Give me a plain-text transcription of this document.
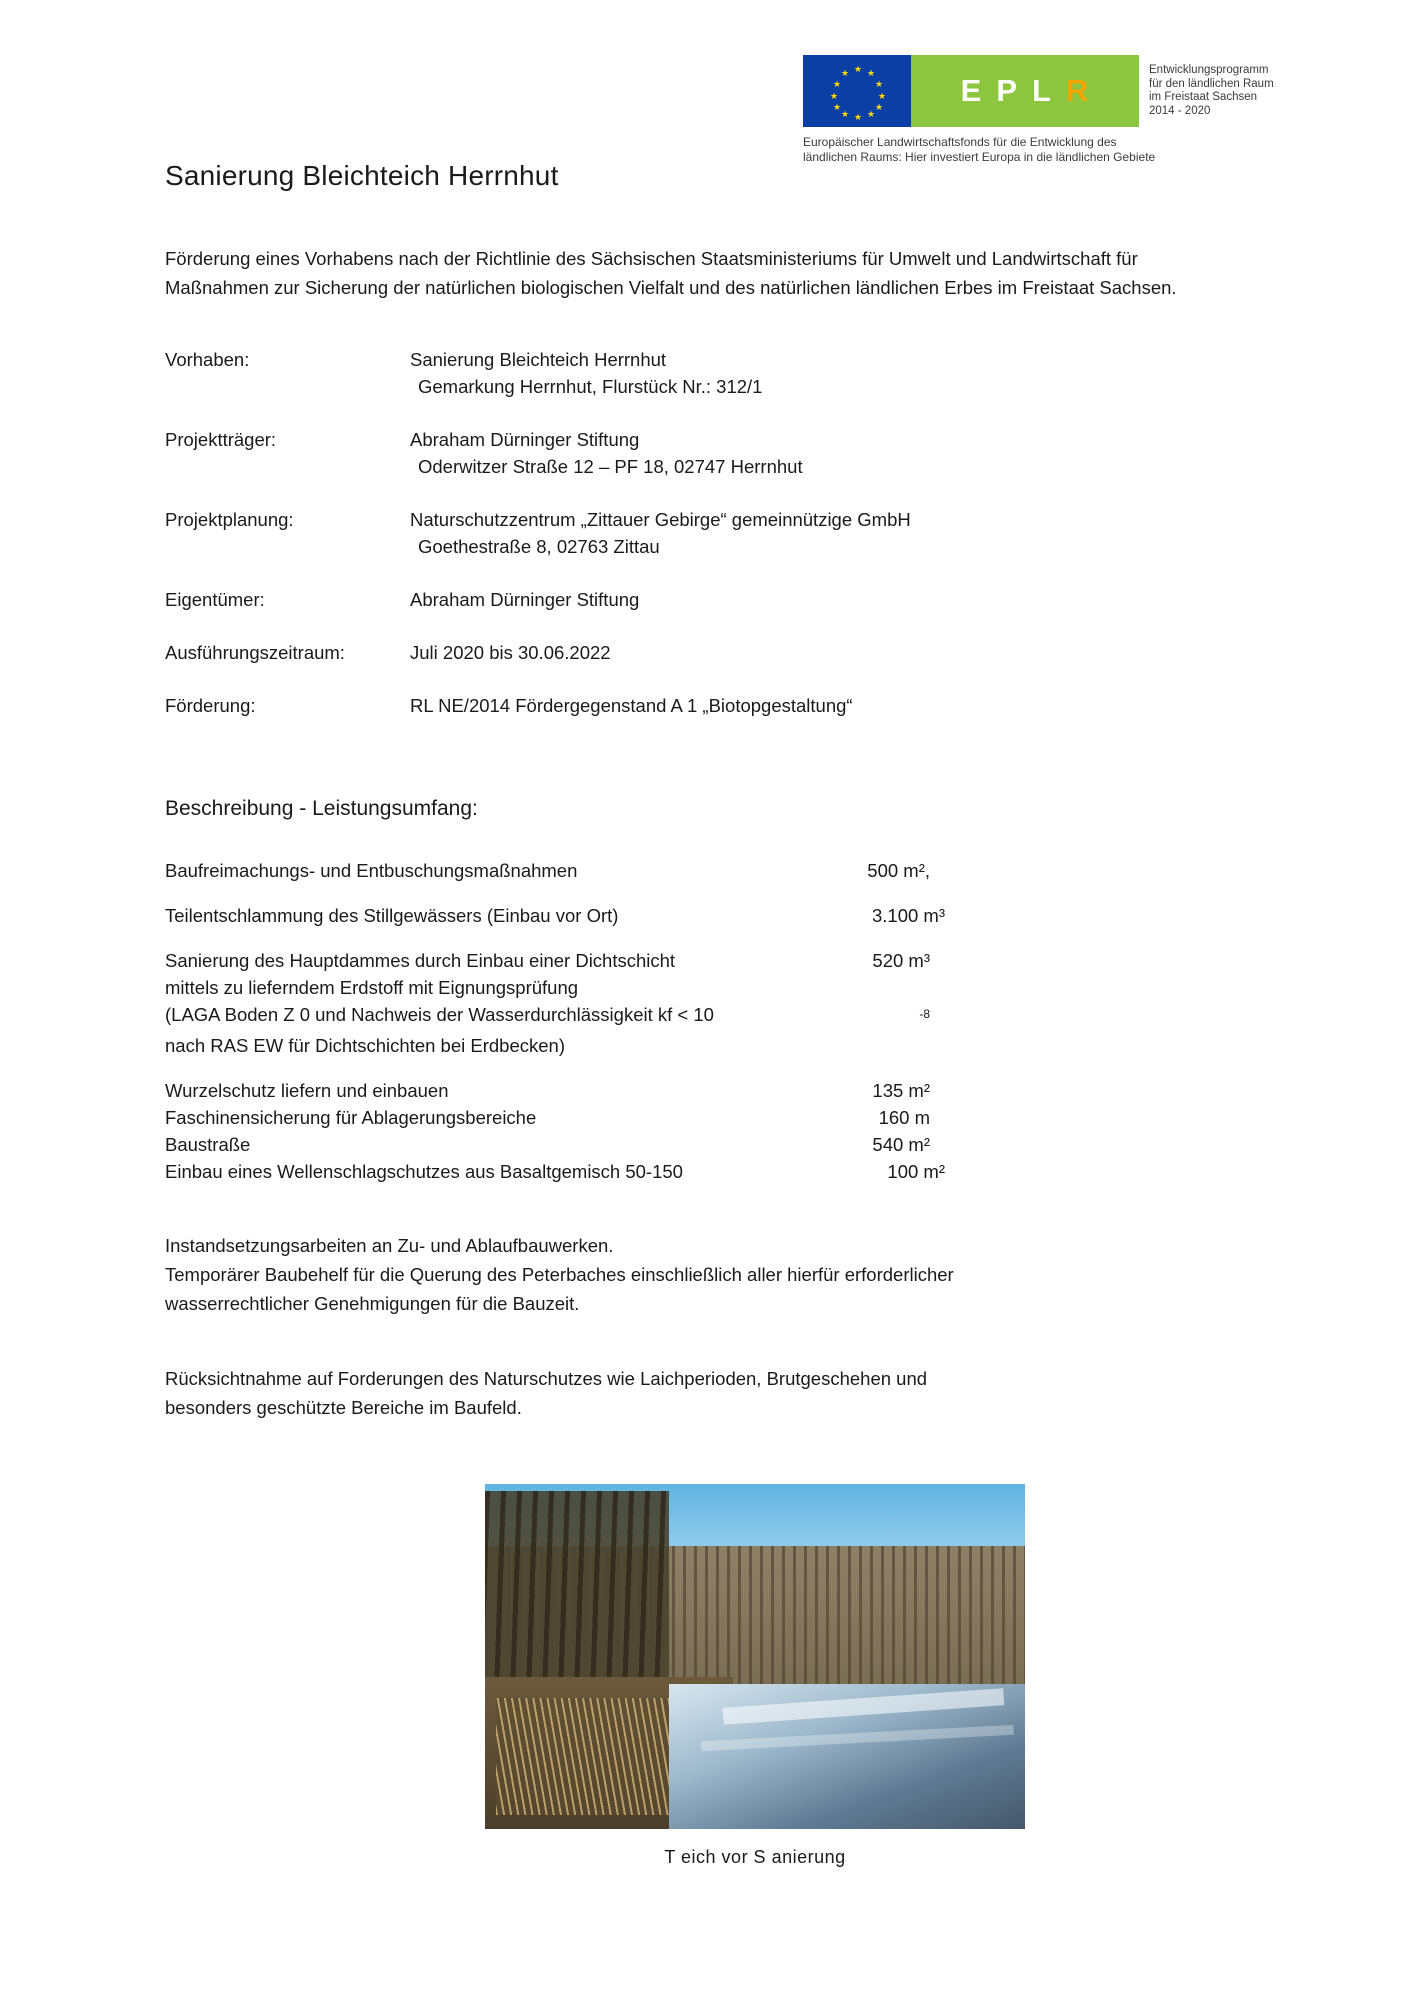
★ ★
★
★
★
★
★
★
★
★
★
★	E P L R
Entwicklungsprogramm
für den ländlichen Raum
im Freistaat Sachsen
2014 - 2020
Europäischer Landwirtschaftsfonds für die Entwicklung des
ländlichen Raums: Hier investiert Europa in die ländlichen Gebiete
Sanierung Bleichteich Herrnhut

Förderung eines Vorhabens nach der Richtlinie des Sächsischen Staatsministeriums für Umwelt und Landwirtschaft für Maßnahmen zur Sicherung der natürlichen biologischen Vielfalt und des natürlichen ländlichen Erbes im Freistaat Sachsen.

Vorhaben:	Sanierung Bleichteich Herrnhut
Gemarkung Herrnhut, Flurstück Nr.: 312/1

Projektträger:	Abraham Dürninger Stiftung
Oderwitzer Straße 12 – PF 18, 02747 Herrnhut

Projektplanung:	Naturschutzzentrum „Zittauer Gebirge“ gemeinnützige GmbH
Goethestraße 8, 02763 Zittau

Eigentümer:	Abraham Dürninger Stiftung
Ausführungszeitraum:	Juli 2020 bis 30.06.2022
Förderung:	RL NE/2014 Fördergegenstand A 1 „Biotopgestaltung“
Beschreibung - Leistungsumfang:
Baufreimachungs- und Entbuschungsmaßnahmen	500 m²,
Teilentschlammung des Stillgewässers (Einbau vor Ort)	3.100 m³
Sanierung des Hauptdammes durch Einbau einer Dichtschicht	520 m³
mittels zu lieferndem Erdstoff mit Eignungsprüfung	
(LAGA Boden Z 0 und Nachweis der Wasserdurchlässigkeit kf < 10	$^{-8}$
nach RAS EW für Dichtschichten bei Erdbecken)	
Wurzelschutz liefern und einbauen	135 m²
Faschinensicherung für Ablagerungsbereiche	160 m
Baustraße	540 m²
Einbau eines Wellenschlagschutzes aus Basaltgemisch 50-150	100 m²

Instandsetzungsarbeiten an Zu- und Ablaufbauwerken.
Temporärer Baubehelf für die Querung des Peterbaches einschließlich aller hierfür erforderlicher
wasserrechtlicher Genehmigungen für die Bauzeit.

Rücksichtnahme auf Forderungen des Naturschutzes wie Laichperioden, Brutgeschehen und
besonders geschützte Bereiche im Baufeld.

T eich vor S anierung
